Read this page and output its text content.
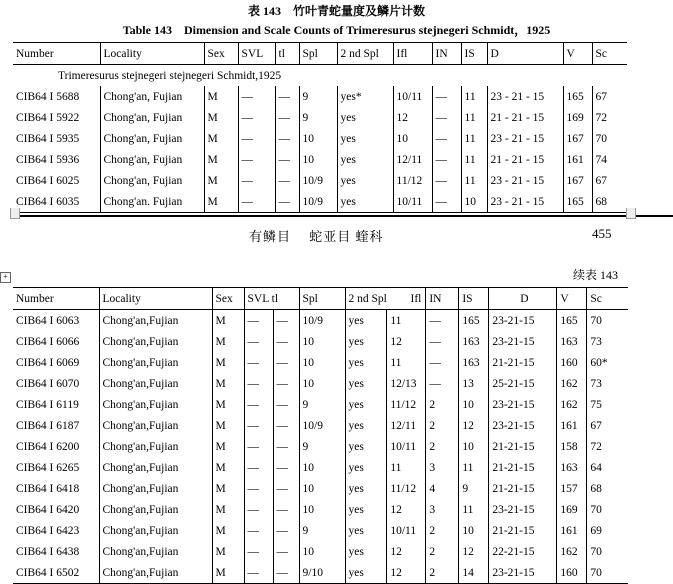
表 143　竹叶青蛇量度及鳞片计数
Table 143　Dimension and Scale Counts of Trimeresurus stejnegeri Schmidt，1925
Number	Locality	Sex	SVL	tl	Spl	2 nd Spl	Ifl	IN	IS	D	V	Sc
Trimeresurus stejnegeri stejnegeri Schmidt,1925												
CIB64 I 5688	Chong'an, Fujian	M	—	—	9	yes*	10/11	—	11	23 - 21 - 15	165	67
CIB64 I 5922	Chong'an, Fujian	M	—	—	9	yes	12	—	11	21 - 21 - 15	169	72
CIB64 I 5935	Chong'an, Fujian	M	—	—	10	yes	10	—	11	23 - 21 - 15	167	70
CIB64 I 5936	Chong'an, Fujian	M	—	—	10	yes	12/11	—	11	21 - 21 - 15	161	74
CIB64 I 6025	Chong'an, Fujian	M	—	—	10/9	yes	11/12	—	11	23 - 21 - 15	167	67
CIB64 I 6035	Chong'an. Fujian	M	—	—	10/9	yes	10/11	—	10	23 - 21 - 15	165	68
有鳞目　 蛇亚目 蝰科	455
+	续表 143
Number	Locality	Sex	SVL tl		Spl	2 nd Spl	Ifl	IN	IS	D	V	Sc
CIB64 I 6063	Chong'an,Fujian	M	—	—	10/9	yes	11	—	165	23-21-15	165	70
CIB64 I 6066	Chong'an,Fujian	M	—	—	10	yes	12	—	163	23-21-15	163	73
CIB64 I 6069	Chong'an,Fujian	M	—	—	10	yes	11	—	163	21-21-15	160	60*
CIB64 I 6070	Chong'an,Fujian	M	—	—	10	yes	12/13	—	13	25-21-15	162	73
CIB64 I 6119	Chong'an,Fujian	M	—	—	9	yes	11/12	2	10	23-21-15	162	75
CIB64 I 6187	Chong'an,Fujian	M	—	—	10/9	yes	12/11	2	12	23-21-15	161	67
CIB64 I 6200	Chong'an,Fujian	M	—	—	9	yes	10/11	2	10	21-21-15	158	72
CIB64 I 6265	Chong'an,Fujian	M	—	—	10	yes	11	3	11	21-21-15	163	64
CIB64 I 6418	Chong'an,Fujian	M	—	—	10	yes	11/12	4	9	21-21-15	157	68
CIB64 I 6420	Chong'an,Fujian	M	—	—	10	yes	12	3	11	23-21-15	169	70
CIB64 I 6423	Chong'an,Fujian	M	—	—	9	yes	10/11	2	10	21-21-15	161	69
CIB64 I 6438	Chong'an,Fujian	M	—	—	10	yes	12	2	12	22-21-15	162	70
CIB64 I 6502	Chong'an,Fujian	M	—	—	9/10	yes	12	2	14	23-21-15	160	70
